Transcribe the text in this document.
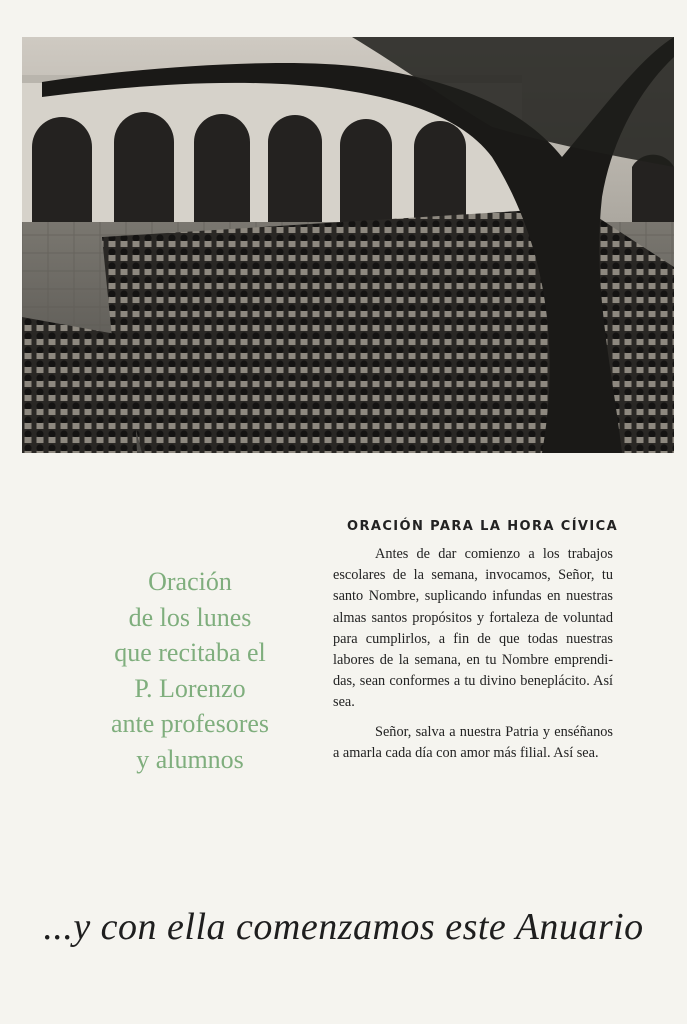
Oración
de los lunes
que recitaba el
P. Lorenzo
ante profesores
y alumnos
ORACIÓN PARA LA HORA CÍVICA

Antes de dar comienzo a los trabajos escolares de la semana, invocamos, Señor, tu santo Nombre, suplicando infundas en nuestras almas santos propósitos y fortaleza de voluntad para cumplirlos, a fin de que todas nuestras labores de la semana, en tu Nombre emprendidas, sean conformes a tu divino beneplácito. Así sea.

Señor, salva a nuestra Patria y enséñanos a amarla cada día con amor más filial. Así sea.

...y con ella comenzamos este Anuario
